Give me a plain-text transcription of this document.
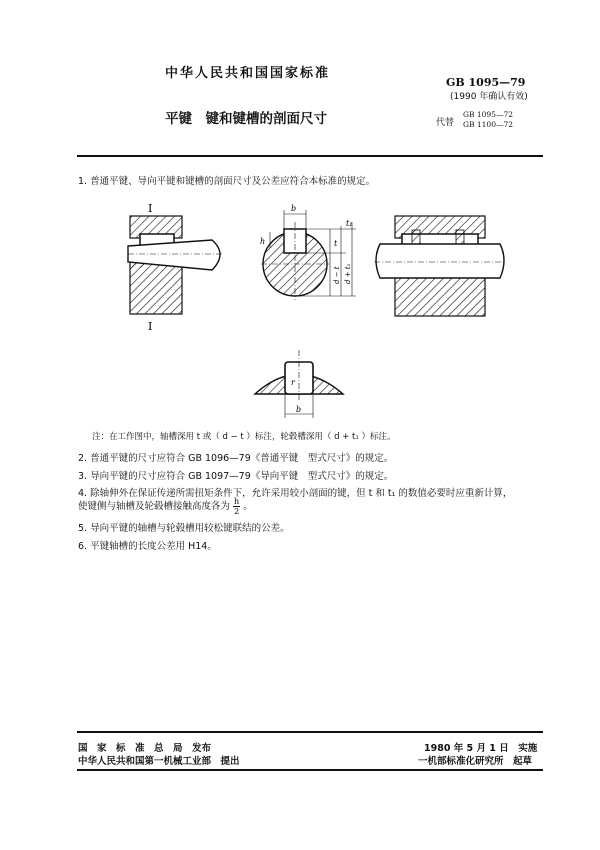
中华人民共和国国家标准
平键　键和键槽的剖面尺寸
GB 1095—79
(1990 年确认有效)
代替
GB 1095—72
GB 1100—72
1. 普通平键、导向平键和键槽的剖面尺寸及公差应符合本标准的规定。
I
I
b
h
t₁
t
d − t d + t₁
b
r
注：在工作图中，轴槽深用 t 或（ d − t ）标注，轮毂槽深用（ d + t₁ ）标注。
2. 普通平键的尺寸应符合 GB 1096—79《普通平键　型式尺寸》的规定。
3. 导向平键的尺寸应符合 GB 1097—79《导向平键　型式尺寸》的规定。
4. 除轴伸外在保证传递所需扭矩条件下，允许采用较小剖面的键，但 t 和 t₁ 的数值必要时应重新计算，
使键侧与轴槽及轮毂槽接触高度各为 $\frac{h}{2}$ 。
5. 导向平键的轴槽与轮毂槽用较松键联结的公差。
6. 平键轴槽的长度公差用 H14。
国　家　标　准　总　局　发布
中华人民共和国第一机械工业部　提出
1980 年 5 月 1 日　实施
一机部标准化研究所　起草
